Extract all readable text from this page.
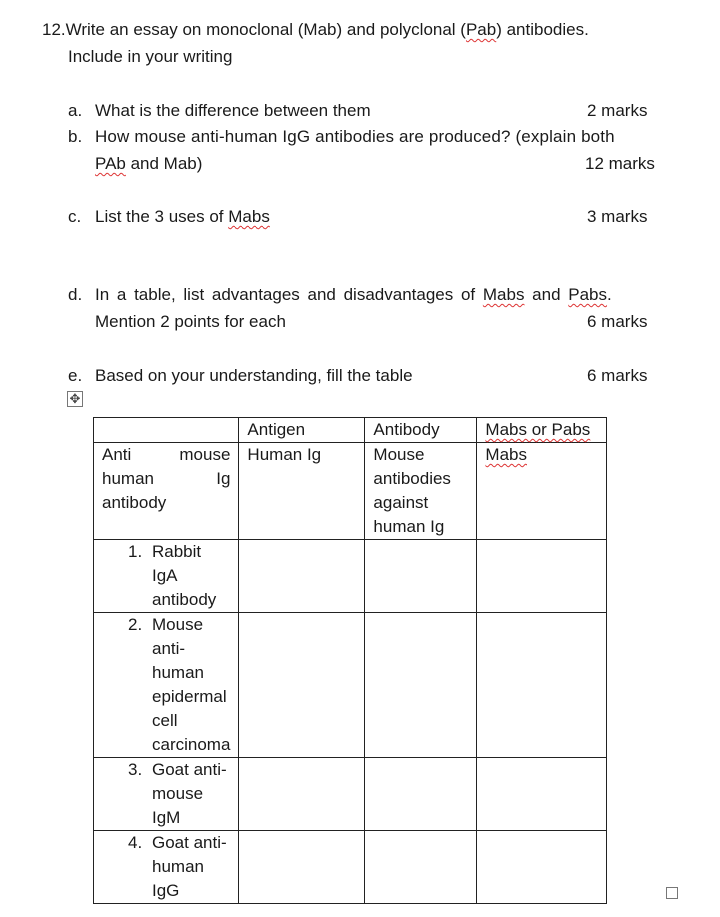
12.Write an essay on monoclonal (Mab) and polyclonal (Pab) antibodies.
Include in your writing
a. What is the difference between them	2 marks
b. How mouse anti-human IgG antibodies are produced? (explain both
PAb and Mab)	12 marks
c. List the 3 uses of Mabs	3 marks
d. In a table, list advantages and disadvantages of Mabs and Pabs.
Mention 2 points for each	6 marks
e. Based on your understanding, fill the table	6 marks
✥
	Antigen	Antibody	Mabs or Pabs

Anti mouse
human Ig
antibody	Human Ig	Mouse antibodies against human Ig	Mabs

1. Rabbit IgA antibody			

2. Mouse anti-human epidermal cell carcinoma			

3. Goat anti-mouse IgM			

4. Goat anti-human IgG			
